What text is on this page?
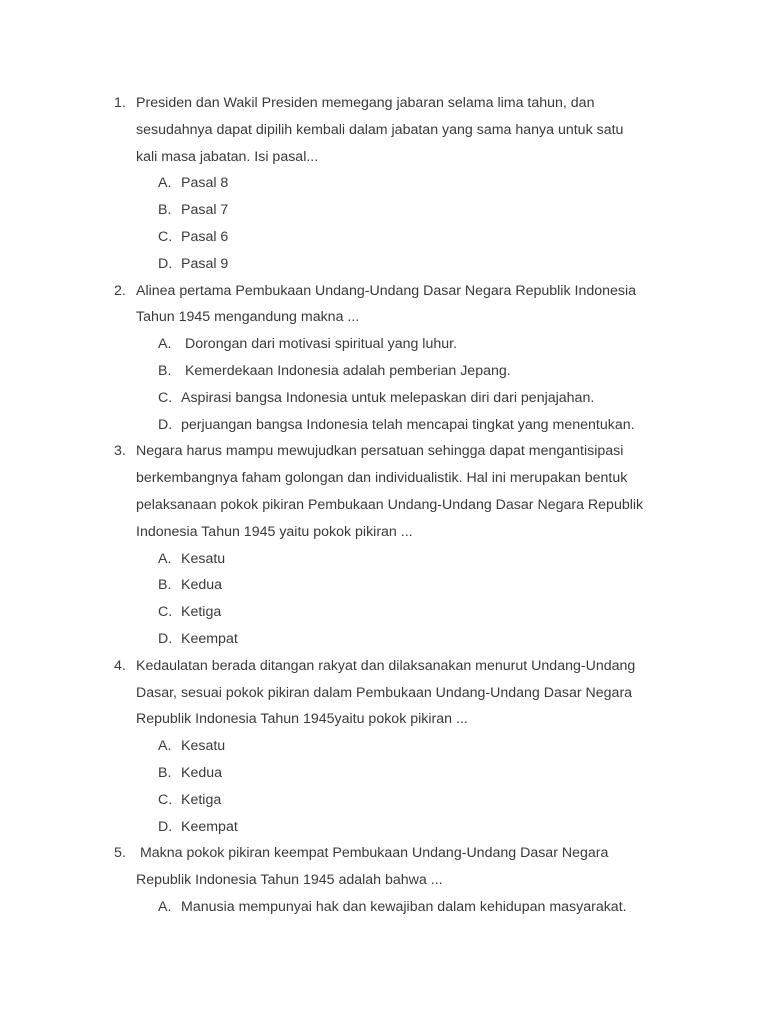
1. Presiden dan Wakil Presiden memegang jabaran selama lima tahun, dan
sesudahnya dapat dipilih kembali dalam jabatan yang sama hanya untuk satu
kali masa jabatan. Isi pasal...
A. Pasal 8
B. Pasal 7
C. Pasal 6
D. Pasal 9
2. Alinea pertama Pembukaan Undang-Undang Dasar Negara Republik Indonesia
Tahun 1945 mengandung makna ...
A. Dorongan dari motivasi spiritual yang luhur.
B. Kemerdekaan Indonesia adalah pemberian Jepang.
C. Aspirasi bangsa Indonesia untuk melepaskan diri dari penjajahan.
D. perjuangan bangsa Indonesia telah mencapai tingkat yang menentukan.
3. Negara harus mampu mewujudkan persatuan sehingga dapat mengantisipasi
berkembangnya faham golongan dan individualistik. Hal ini merupakan bentuk
pelaksanaan pokok pikiran Pembukaan Undang-Undang Dasar Negara Republik
Indonesia Tahun 1945 yaitu pokok pikiran ...
A. Kesatu
B. Kedua
C. Ketiga
D. Keempat
4. Kedaulatan berada ditangan rakyat dan dilaksanakan menurut Undang-Undang
Dasar, sesuai pokok pikiran dalam Pembukaan Undang-Undang Dasar Negara
Republik Indonesia Tahun 1945yaitu pokok pikiran ...
A. Kesatu
B. Kedua
C. Ketiga
D. Keempat
5. Makna pokok pikiran keempat Pembukaan Undang-Undang Dasar Negara
Republik Indonesia Tahun 1945 adalah bahwa ...
A. Manusia mempunyai hak dan kewajiban dalam kehidupan masyarakat.
